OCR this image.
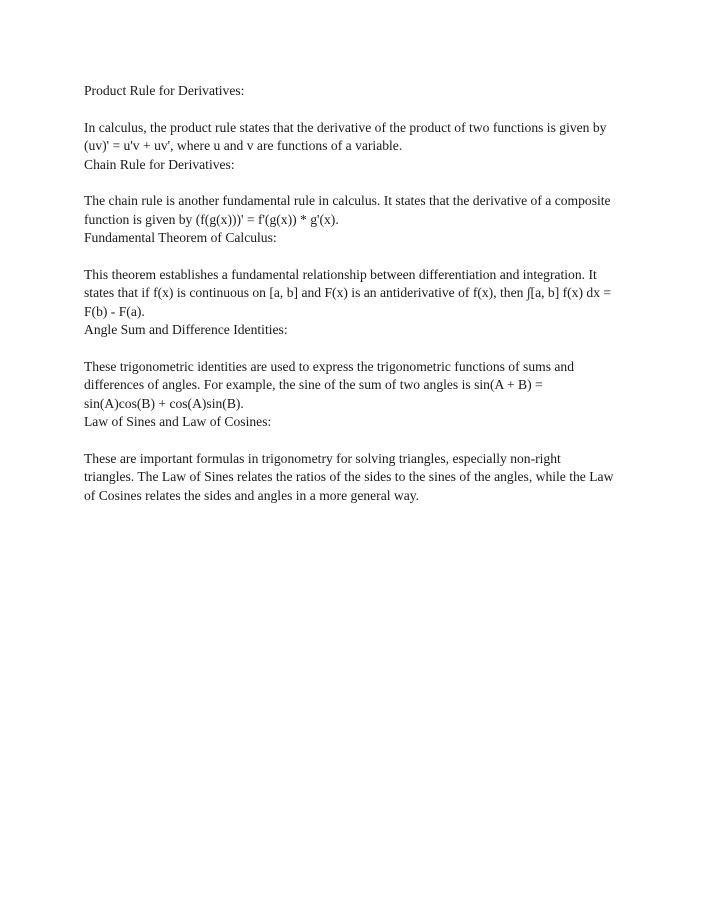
Product Rule for Derivatives:
In calculus, the product rule states that the derivative of the product of two functions is given by
(uv)' = u'v + uv', where u and v are functions of a variable.
Chain Rule for Derivatives:
The chain rule is another fundamental rule in calculus. It states that the derivative of a composite
function is given by (f(g(x)))' = f'(g(x)) * g'(x).
Fundamental Theorem of Calculus:
This theorem establishes a fundamental relationship between differentiation and integration. It
states that if f(x) is continuous on [a, b] and F(x) is an antiderivative of f(x), then ∫[a, b] f(x) dx =
F(b) - F(a).
Angle Sum and Difference Identities:
These trigonometric identities are used to express the trigonometric functions of sums and
differences of angles. For example, the sine of the sum of two angles is sin(A + B) =
sin(A)cos(B) + cos(A)sin(B).
Law of Sines and Law of Cosines:
These are important formulas in trigonometry for solving triangles, especially non-right
triangles. The Law of Sines relates the ratios of the sides to the sines of the angles, while the Law
of Cosines relates the sides and angles in a more general way.
